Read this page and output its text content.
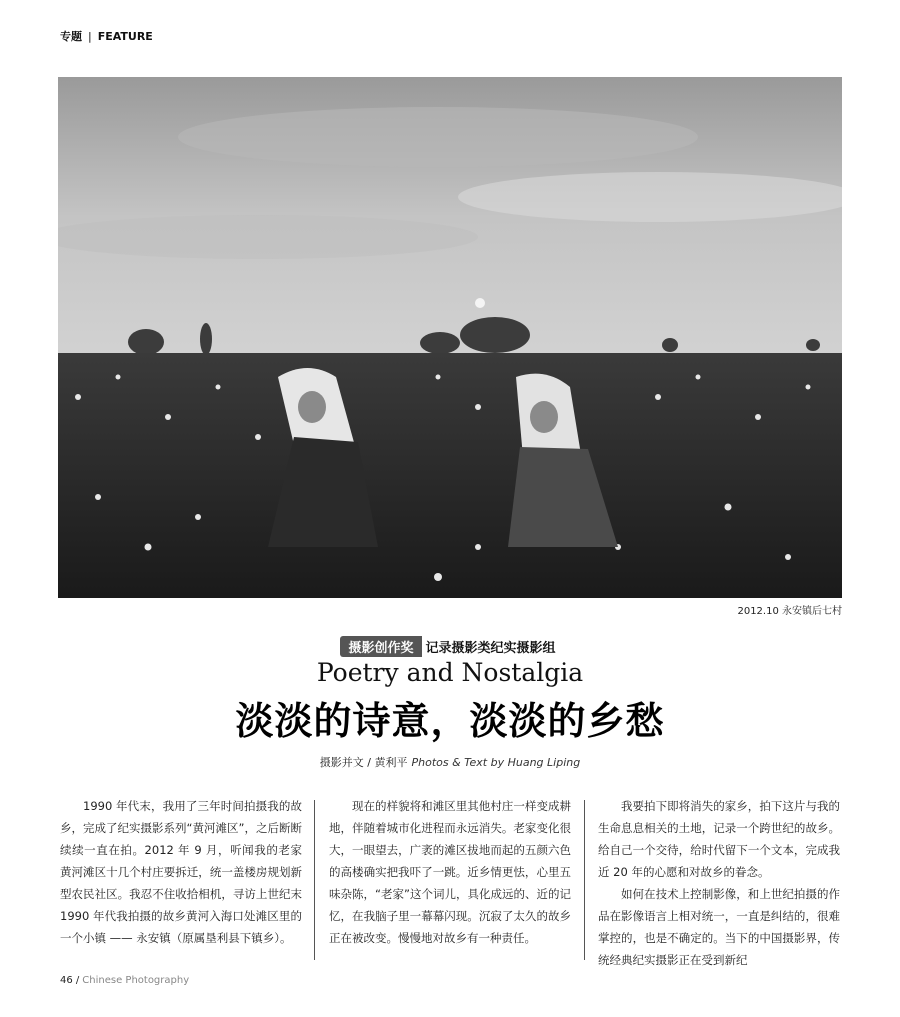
专题 | FEATURE
2012.10 永安镇后七村
摄影创作奖 记录摄影类纪实摄影组
Poetry and Nostalgia
淡淡的诗意，淡淡的乡愁
摄影并文 / 黄利平 Photos & Text by Huang Liping

1990 年代末，我用了三年时间拍摄我的故乡，完成了纪实摄影系列“黄河滩区”，之后断断续续一直在拍。2012 年 9 月，听闻我的老家黄河滩区十几个村庄要拆迁，统一盖楼房规划新型农民社区。我忍不住收拾相机，寻访上世纪末 1990 年代我拍摄的故乡黄河入海口处滩区里的一个小镇 —— 永安镇（原属垦利县下镇乡）。

现在的样貌将和滩区里其他村庄一样变成耕地，伴随着城市化进程而永远消失。老家变化很大，一眼望去，广袤的滩区拔地而起的五颜六色的高楼确实把我吓了一跳。近乡情更怯，心里五味杂陈，“老家”这个词儿，具化成远的、近的记忆，在我脑子里一幕幕闪现。沉寂了太久的故乡正在被改变。慢慢地对故乡有一种责任。

我要拍下即将消失的家乡，拍下这片与我的生命息息相关的土地，记录一个跨世纪的故乡。给自己一个交待，给时代留下一个文本，完成我近 20 年的心愿和对故乡的眷念。

如何在技术上控制影像，和上世纪拍摄的作品在影像语言上相对统一，一直是纠结的，很难掌控的，也是不确定的。当下的中国摄影界，传统经典纪实摄影正在受到新纪

46 / Chinese Photography
